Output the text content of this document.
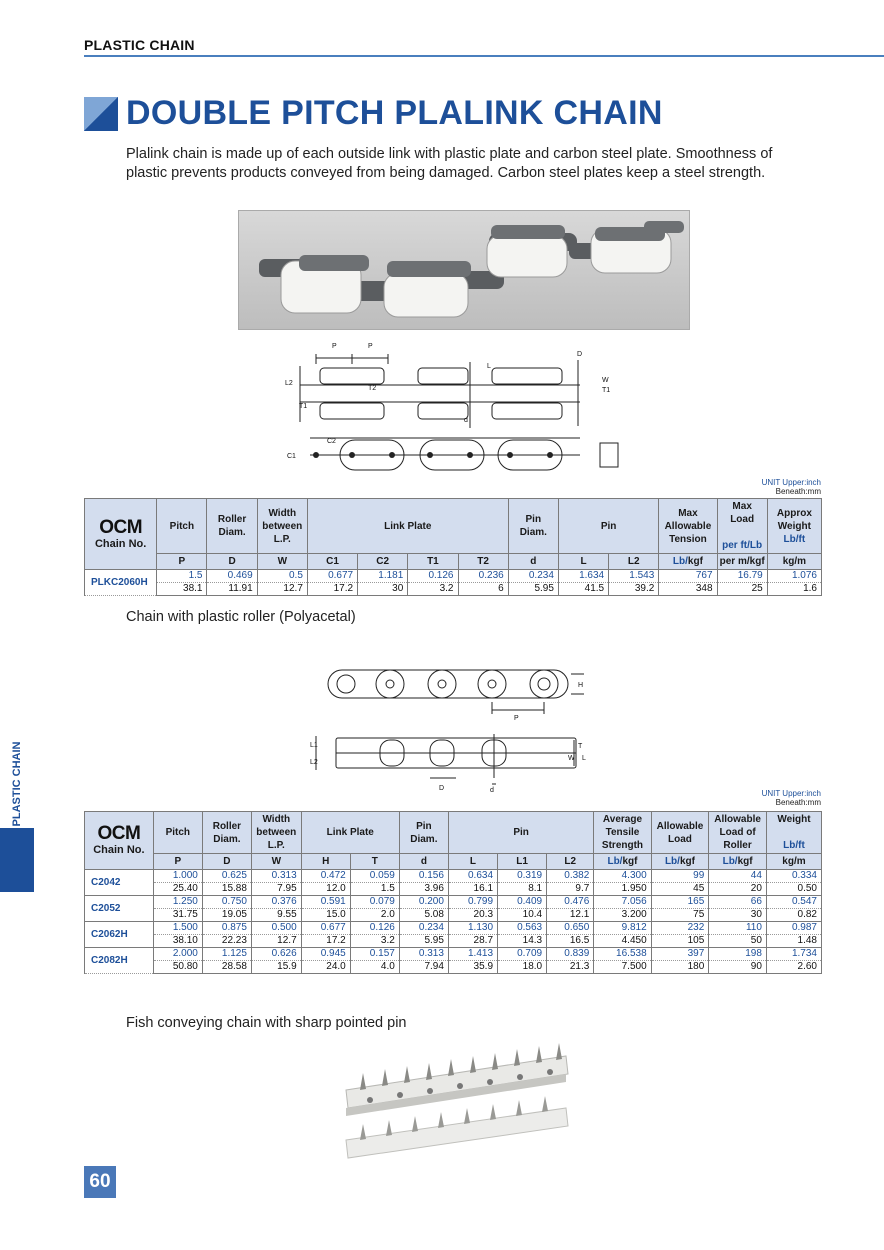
PLASTIC CHAIN
DOUBLE PITCH PLALINK CHAIN

Plalink chain is made up of each outside link with plastic plate and carbon steel plate. Smoothness of plastic prevents products conveyed from being damaged. Carbon steel plates keep a steel strength.

P	P
D
L
W
T1
L2
T2
T1
d
C2
C1
UNIT Upper:inch
Beneath:mm
OCM
Chain No.	Pitch	Roller Diam.	Width between L.P.	Link Plate				Pin Diam.	Pin		Max Allowable Tension	Max Load

per ft/Lb	Approx Weight
Lb/ft
	P	D	W	C1	C2	T1	T2	d	L	L2	Lb/kgf	per m/kgf	kg/m
PLKC2060H	1.5	0.469	0.5	0.677	1.181	0.126	0.236	0.234	1.634	1.543	767	16.79	1.076
	38.1	11.91	12.7	17.2	30	3.2	6	5.95	41.5	39.2	348	25	1.6
Chain with plastic roller (Polyacetal)
H
P
L1
L2
T
W L
D	d	UNIT Upper:inch
Beneath:mm
OCM
Chain No.	Pitch	Roller Diam.	Width between L.P.	Link Plate		Pin Diam.	Pin			Average Tensile Strength	Allowable Load	Allowable Load of Roller	Weight

Lb/ft
	P	D	W	H	T	d	L	L1	L2	Lb/kgf	Lb/kgf	Lb/kgf	kg/m
C2042	1.000	0.625	0.313	0.472	0.059	0.156	0.634	0.319	0.382	4.300	99	44	0.334
	25.40	15.88	7.95	12.0	1.5	3.96	16.1	8.1	9.7	1.950	45	20	0.50
C2052	1.250	0.750	0.376	0.591	0.079	0.200	0.799	0.409	0.476	7.056	165	66	0.547
	31.75	19.05	9.55	15.0	2.0	5.08	20.3	10.4	12.1	3.200	75	30	0.82
C2062H	1.500	0.875	0.500	0.677	0.126	0.234	1.130	0.563	0.650	9.812	232	110	0.987
	38.10	22.23	12.7	17.2	3.2	5.95	28.7	14.3	16.5	4.450	105	50	1.48
C2082H	2.000	1.125	0.626	0.945	0.157	0.313	1.413	0.709	0.839	16.538	397	198	1.734
	50.80	28.58	15.9	24.0	4.0	7.94	35.9	18.0	21.3	7.500	180	90	2.60
Fish conveying chain with sharp pointed pin
PLASTIC CHAIN
60
